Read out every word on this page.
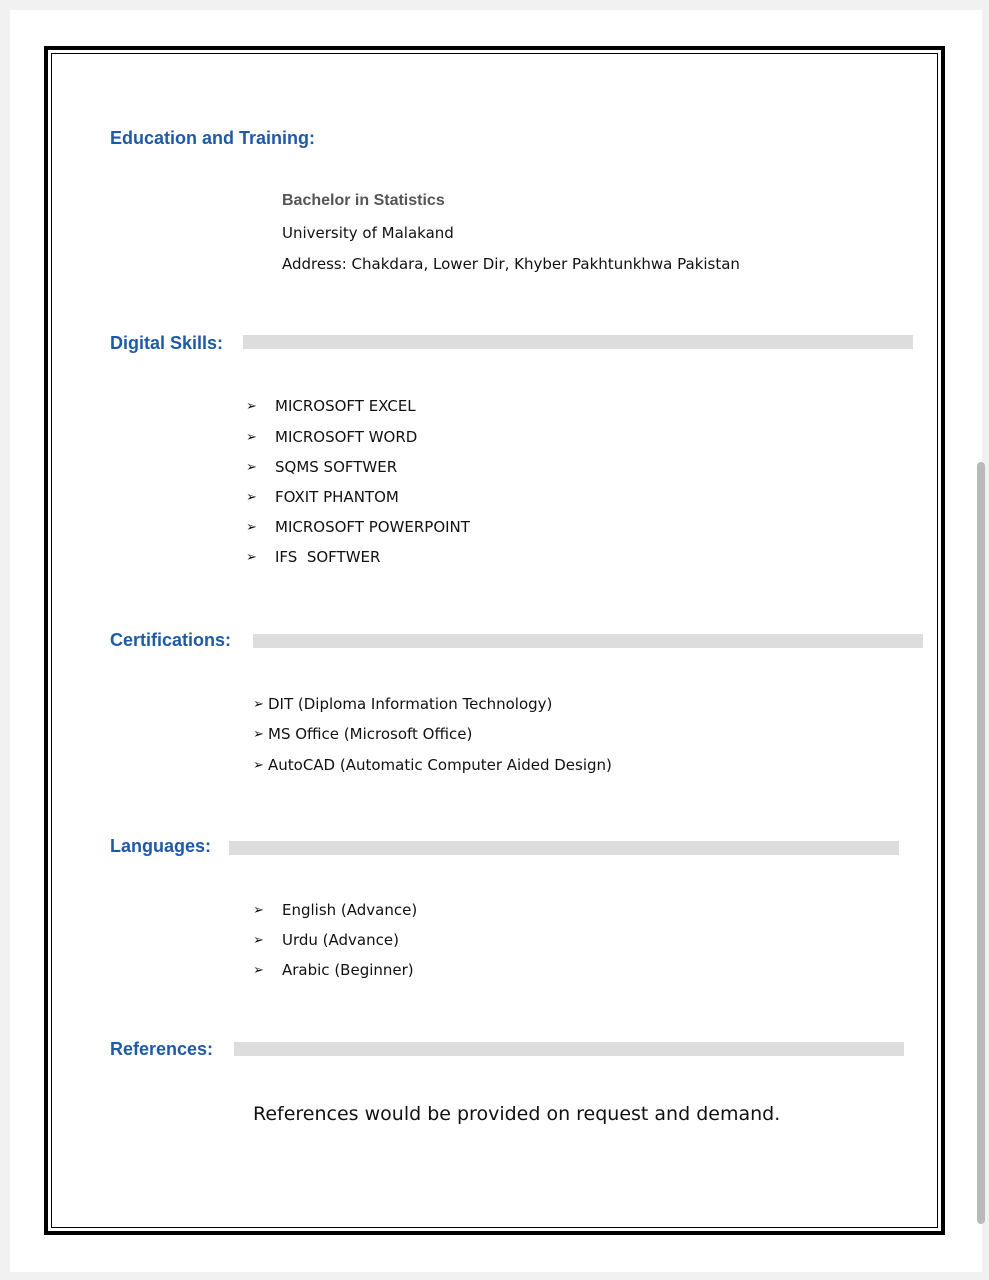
Education and Training:
Bachelor in Statistics
University of Malakand
Address: Chakdara, Lower Dir, Khyber Pakhtunkhwa Pakistan
Digital Skills:
➢ MICROSOFT EXCEL
➢ MICROSOFT WORD
➢ SQMS SOFTWER
➢ FOXIT PHANTOM
➢ MICROSOFT POWERPOINT
➢ IFS  SOFTWER
Certifications:
➢ DIT (Diploma Information Technology)
➢ MS Office (Microsoft Office)
➢ AutoCAD (Automatic Computer Aided Design)
Languages:
➢ English (Advance)
➢ Urdu (Advance)
➢ Arabic (Beginner)
References:
References would be provided on request and demand.
